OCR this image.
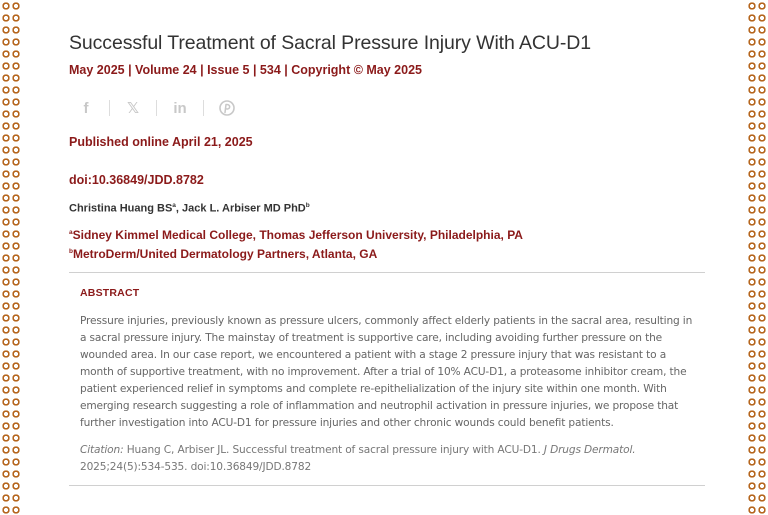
Successful Treatment of Sacral Pressure Injury With ACU-D1
May 2025 | Volume 24 | Issue 5 | 534 | Copyright © May 2025
f	𝕏 in
Published online April 21, 2025
doi:10.36849/JDD.8782
Christina Huang $BS^a$, Jack L. Arbiser MD PhD$^b$
$^a$Sidney Kimmel Medical College, Thomas Jefferson University, Philadelphia, PA
$^b$MetroDerm/United Dermatology Partners, Atlanta, GA
ABSTRACT
Pressure injuries, previously known as pressure ulcers, commonly affect elderly patients in the sacral area, resulting in a sacral pressure injury. The mainstay of treatment is supportive care, including avoiding further pressure on the wounded area. In our case report, we encountered a patient with a stage 2 pressure injury that was resistant to a month of supportive treatment, with no improvement. After a trial of 10% ACU-D1, a proteasome inhibitor cream, the patient experienced relief in symptoms and complete re-epithelialization of the injury site within one month. With emerging research suggesting a role of inflammation and neutrophil activation in pressure injuries, we propose that further investigation into ACU-D1 for pressure injuries and other chronic wounds could benefit patients.
Citation: Huang C, Arbiser JL. Successful treatment of sacral pressure injury with ACU-D1. J Drugs Dermatol. 2025;24(5):534-535. doi:10.36849/JDD.8782
